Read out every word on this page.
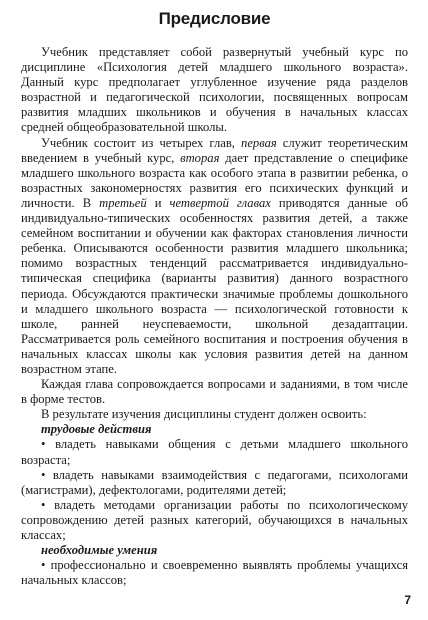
Предисловие

Учебник представляет собой развернутый учебный курс по дисциплине «Психология детей младшего школьного возраста». Данный курс предполагает углубленное изучение ряда разделов возрастной и педагогической психологии, посвященных вопросам развития младших школьников и обучения в начальных классах средней общеобразовательной школы.

Учебник состоит из четырех глав, первая служит теоретическим введением в учебный курс, вторая дает представление о специфике младшего школьного возраста как особого этапа в развитии ребенка, о возрастных закономерностях развития его психических функций и личности. В третьей и четвертой главах приводятся данные об индивидуально-типических особенностях развития детей, а также семейном воспитании и обучении как факторах становления личности ребенка. Описываются особенности развития младшего школьника; помимо возрастных тенденций рассматривается индивидуально-типическая специфика (варианты развития) данного возрастного периода. Обсуждаются практически значимые проблемы дошкольного и младшего школьного возраста — психологической готовности к школе, ранней неуспеваемости, школьной дезадаптации. Рассматривается роль семейного воспитания и построения обучения в начальных классах школы как условия развития детей на данном возрастном этапе.

Каждая глава сопровождается вопросами и заданиями, в том числе в форме тестов.

В результате изучения дисциплины студент должен освоить:

трудовые действия

• владеть навыками общения с детьми младшего школьного возраста;

• владеть навыками взаимодействия с педагогами, психологами (магистрами), дефектологами, родителями детей;

• владеть методами организации работы по психологическому сопровождению детей разных категорий, обучающихся в начальных классах;

необходимые умения

• профессионально и своевременно выявлять проблемы учащихся начальных классов;

7
